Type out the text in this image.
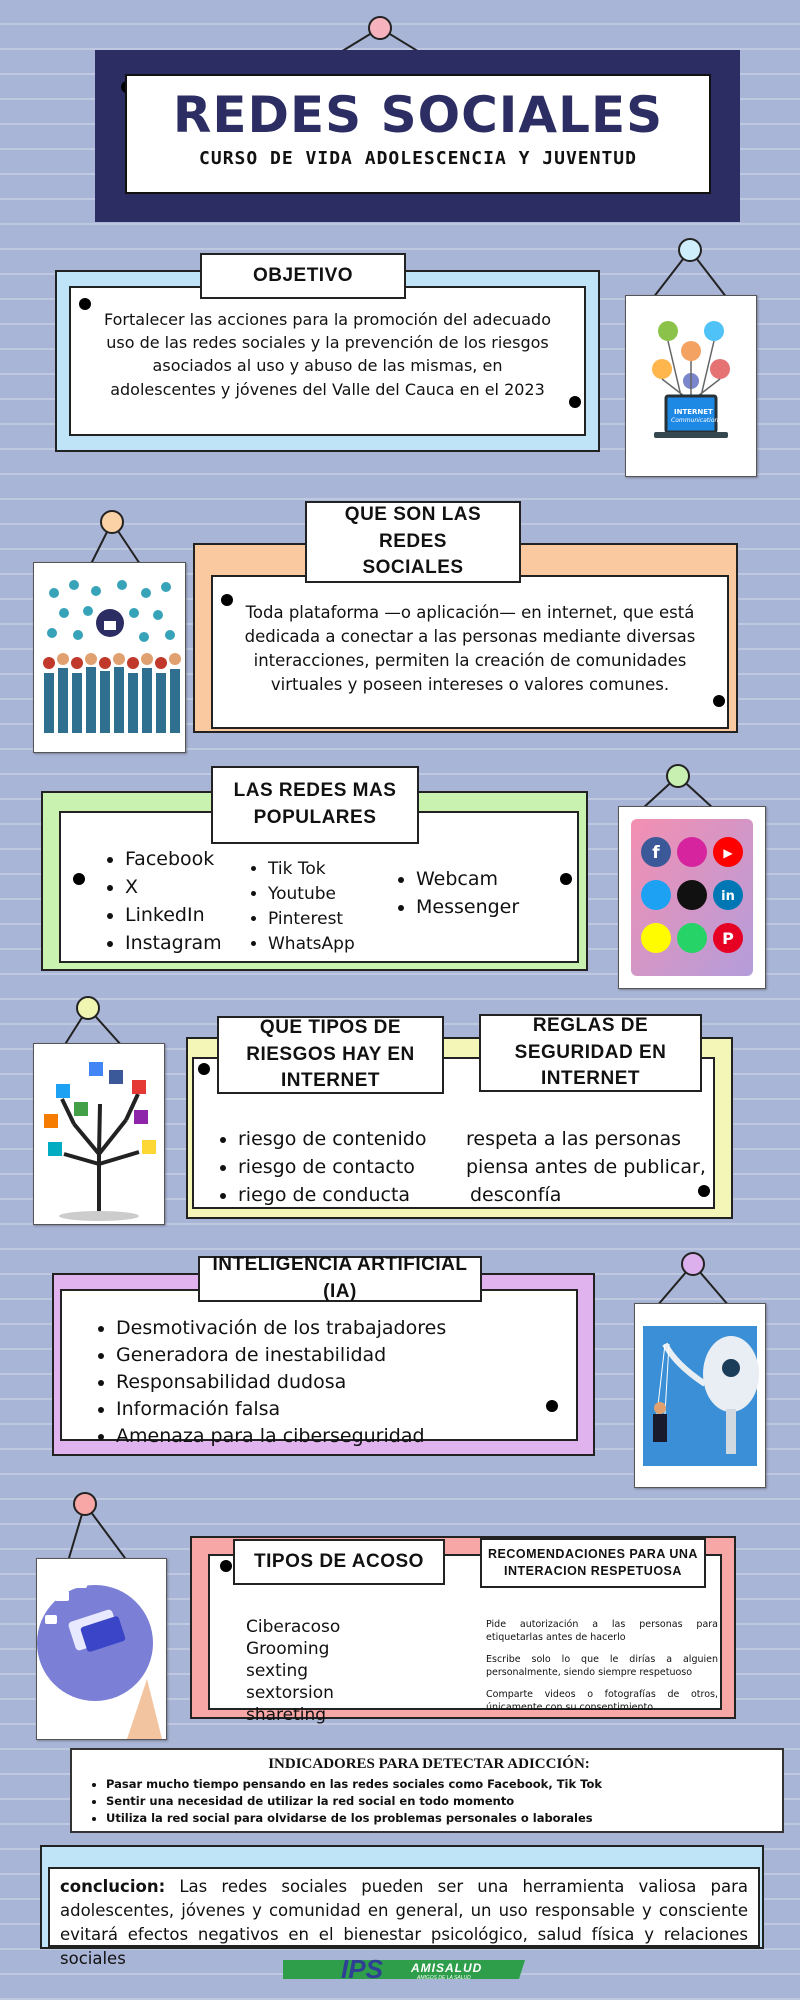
REDES SOCIALES
CURSO DE VIDA ADOLESCENCIA Y JUVENTUD
Fortalecer las acciones para la promoción del adecuado uso de las redes sociales y la prevención de los riesgos asociados al uso y abuso de las mismas, en adolescentes y jóvenes del Valle del Cauca en el 2023
OBJETIVO
INTERNET
Communication
Toda plataforma —o aplicación— en internet, que está dedicada a conectar a las personas mediante diversas interacciones, permiten la creación de comunidades virtuales y poseen intereses o valores comunes.
QUE SON LAS REDES SOCIALES
• Facebook
• X
• LinkedIn
• Instagram
• Tik Tok
• Youtube
• Pinterest
• WhatsApp
• Webcam
• Messenger
LAS REDES MAS POPULARES
f	▶
in
P
• riesgo de contenido
• riesgo de contacto
• riego de conducta
respeta a las personas
piensa antes de publicar,
desconfía
QUE TIPOS DE RIESGOS HAY EN INTERNET
REGLAS DE SEGURIDAD EN INTERNET
• Desmotivación de los trabajadores
• Generadora de inestabilidad
• Responsabilidad dudosa
• Información falsa
• Amenaza para la ciberseguridad
INTELIGENCIA ARTIFICIAL (IA)
Ciberacoso
Grooming
sexting
sextorsion
shareting
Pide autorización a las personas para etiquetarlas antes de hacerlo
Escribe solo lo que le dirías a alguien personalmente, siendo siempre respetuoso
Comparte videos o fotografías de otros, únicamente con su consentimiento
TIPOS DE ACOSO	RECOMENDACIONES PARA UNA INTERACION RESPETUOSA
INDICADORES PARA DETECTAR ADICCIÓN:
• Pasar mucho tiempo pensando en las redes sociales como Facebook, Tik Tok
• Sentir una necesidad de utilizar la red social en todo momento
• Utiliza la red social para olvidarse de los problemas personales o laborales
conclucion: Las redes sociales pueden ser una herramienta valiosa para adolescentes, jóvenes y comunidad en general, un uso responsable y consciente evitará efectos negativos en el bienestar psicológico, salud física y relaciones sociales	IPS AMISALUD
AMIGOS DE LA SALUD
